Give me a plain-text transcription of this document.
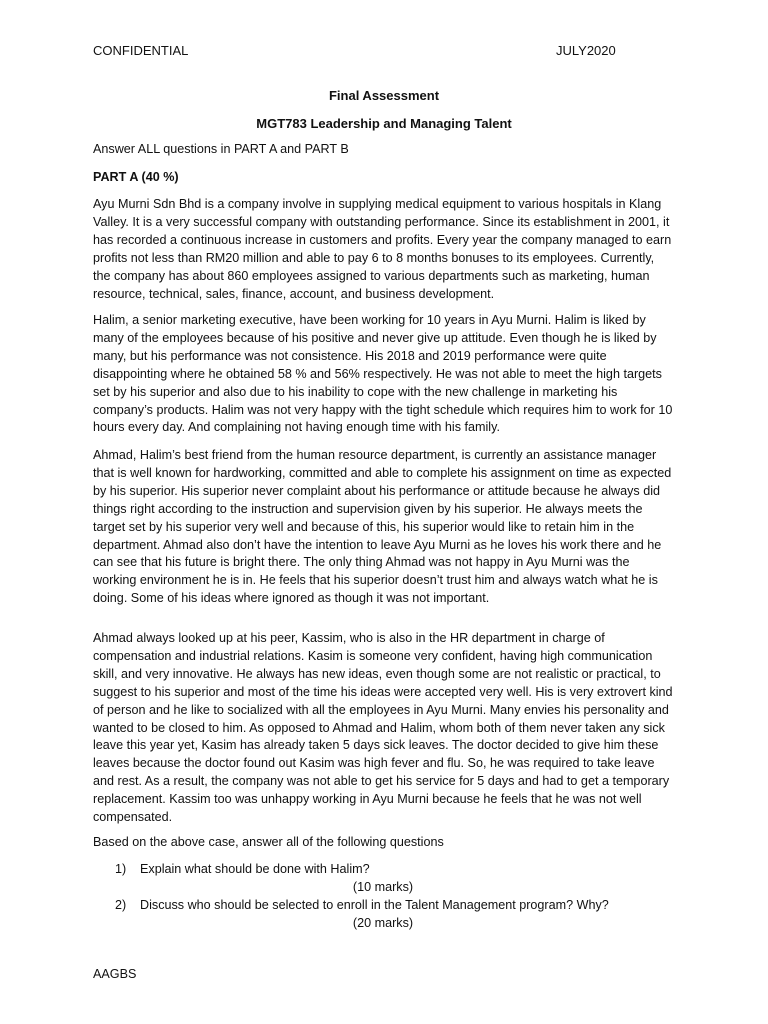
CONFIDENTIAL	JULY2020
Final Assessment
MGT783 Leadership and Managing Talent

Answer ALL questions in PART A and PART B

PART A (40 %)

Ayu Murni Sdn Bhd is a company involve in supplying medical equipment to various hospitals in Klang Valley. It is a very successful company with outstanding performance. Since its establishment in 2001, it has recorded a continuous increase in customers and profits. Every year the company managed to earn profits not less than RM20 million and able to pay 6 to 8 months bonuses to its employees. Currently, the company has about 860 employees assigned to various departments such as marketing, human resource, technical, sales, finance, account, and business development.

Halim, a senior marketing executive, have been working for 10 years in Ayu Murni. Halim is liked by many of the employees because of his positive and never give up attitude. Even though he is liked by many, but his performance was not consistence. His 2018 and 2019 performance were quite disappointing where he obtained 58 % and 56% respectively. He was not able to meet the high targets set by his superior and also due to his inability to cope with the new challenge in marketing his company’s products. Halim was not very happy with the tight schedule which requires him to work for 10 hours every day. And complaining not having enough time with his family.

Ahmad, Halim’s best friend from the human resource department, is currently an assistance manager that is well known for hardworking, committed and able to complete his assignment on time as expected by his superior. His superior never complaint about his performance or attitude because he always did things right according to the instruction and supervision given by his superior. He always meets the target set by his superior very well and because of this, his superior would like to retain him in the department. Ahmad also don’t have the intention to leave Ayu Murni as he loves his work there and he can see that his future is bright there. The only thing Ahmad was not happy in Ayu Murni was the working environment he is in. He feels that his superior doesn’t trust him and always watch what he is doing. Some of his ideas where ignored as though it was not important.

Ahmad always looked up at his peer, Kassim, who is also in the HR department in charge of compensation and industrial relations. Kasim is someone very confident, having high communication skill, and very innovative. He always has new ideas, even though some are not realistic or practical, to suggest to his superior and most of the time his ideas were accepted very well. His is very extrovert kind of person and he like to socialized with all the employees in Ayu Murni. Many envies his personality and wanted to be closed to him. As opposed to Ahmad and Halim, whom both of them never taken any sick leave this year yet, Kasim has already taken 5 days sick leaves. The doctor decided to give him these leaves because the doctor found out Kasim was high fever and flu. So, he was required to take leave and rest. As a result, the company was not able to get his service for 5 days and had to get a temporary replacement. Kassim too was unhappy working in Ayu Murni because he feels that he was not well compensated.

Based on the above case, answer all of the following questions

1) Explain what should be done with Halim?
(10 marks)
2) Discuss who should be selected to enroll in the Talent Management program? Why?
(20 marks)
AAGBS
